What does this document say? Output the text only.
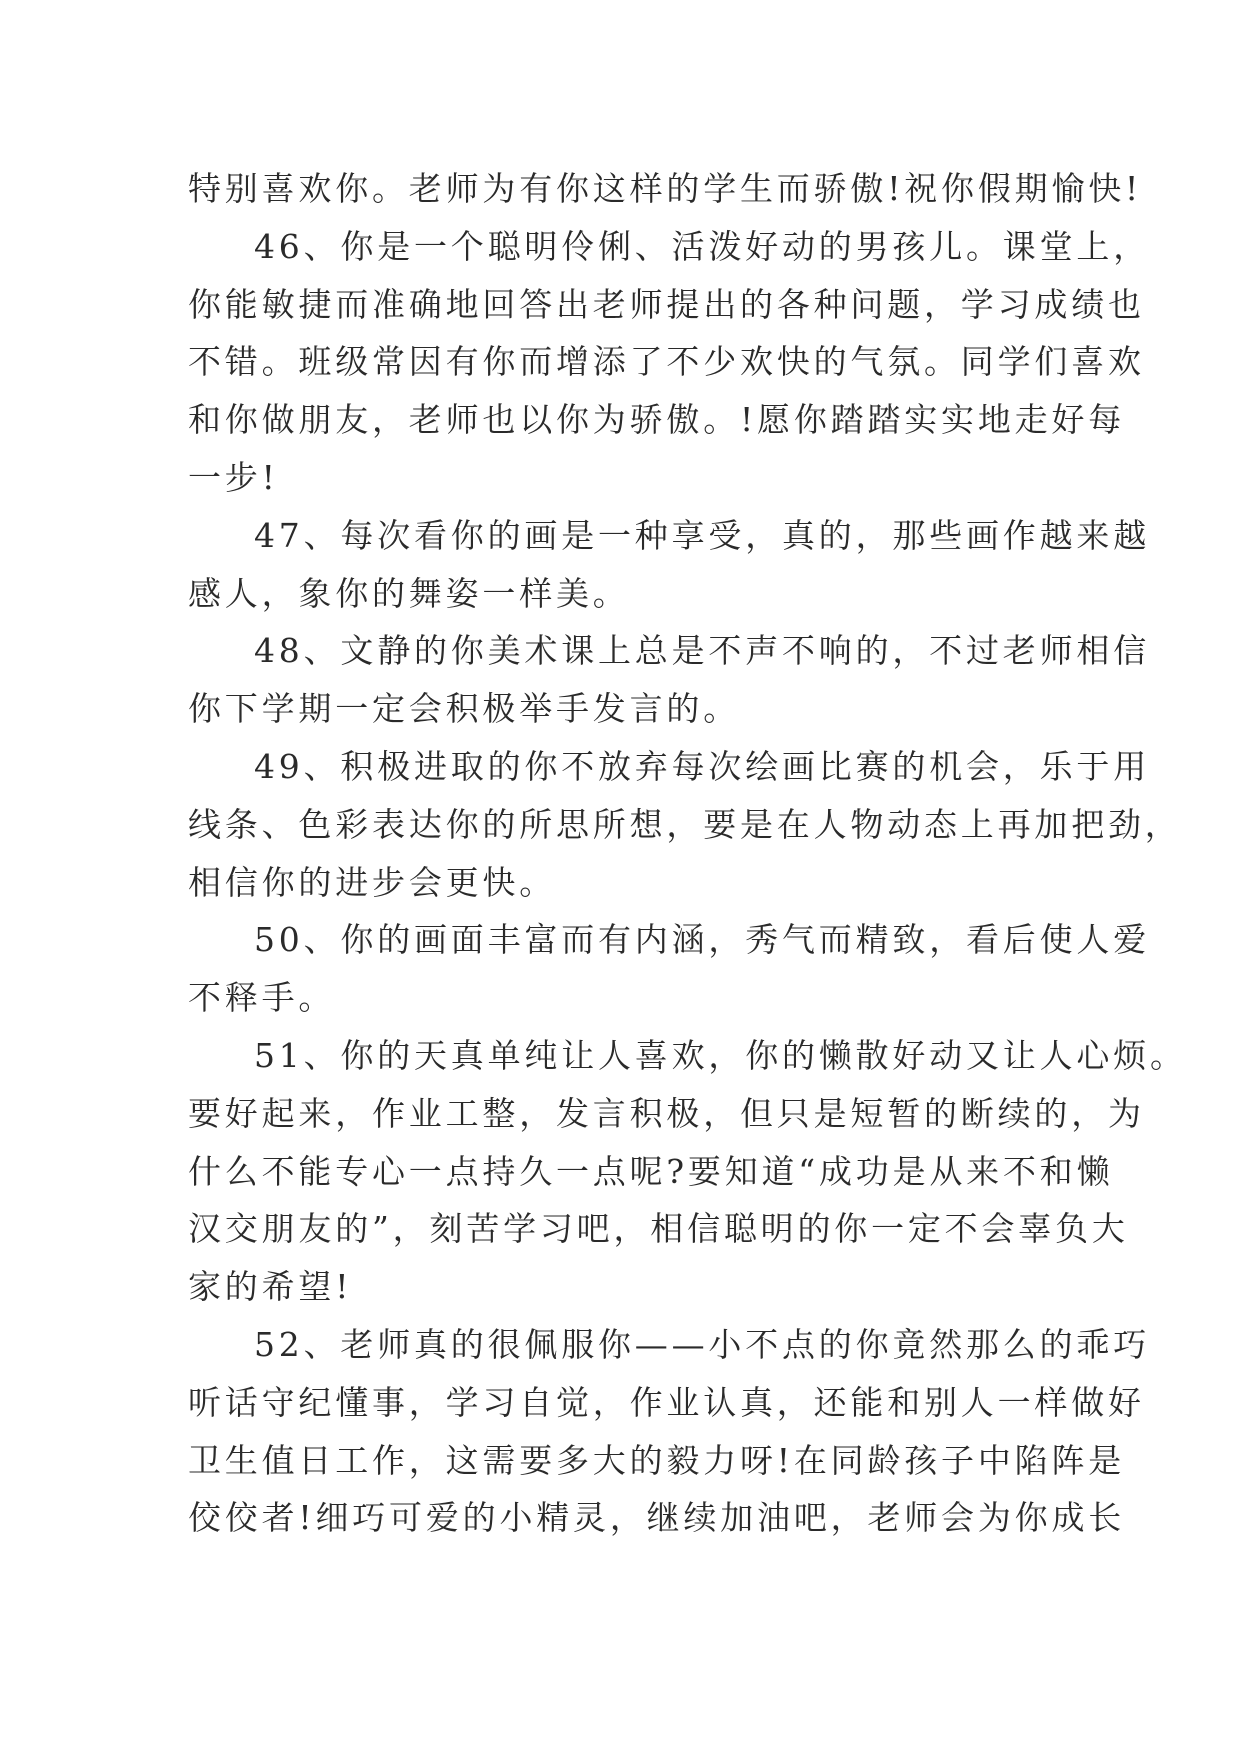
特别喜欢你。老师为有你这样的学生而骄傲!祝你假期愉快!
46、你是一个聪明伶俐、活泼好动的男孩儿。课堂上，
你能敏捷而准确地回答出老师提出的各种问题，学习成绩也
不错。班级常因有你而增添了不少欢快的气氛。同学们喜欢
和你做朋友，老师也以你为骄傲。!愿你踏踏实实地走好每
一步!
47、每次看你的画是一种享受，真的，那些画作越来越
感人，象你的舞姿一样美。
48、文静的你美术课上总是不声不响的，不过老师相信
你下学期一定会积极举手发言的。
49、积极进取的你不放弃每次绘画比赛的机会，乐于用
线条、色彩表达你的所思所想，要是在人物动态上再加把劲，
相信你的进步会更快。
50、你的画面丰富而有内涵，秀气而精致，看后使人爱
不释手。
51、你的天真单纯让人喜欢，你的懒散好动又让人心烦。
要好起来，作业工整，发言积极，但只是短暂的断续的，为
什么不能专心一点持久一点呢?要知道“成功是从来不和懒
汉交朋友的”，刻苦学习吧，相信聪明的你一定不会辜负大
家的希望!
52、老师真的很佩服你——小不点的你竟然那么的乖巧
听话守纪懂事，学习自觉，作业认真，还能和别人一样做好
卫生值日工作，这需要多大的毅力呀!在同龄孩子中陷阵是
佼佼者!细巧可爱的小精灵，继续加油吧，老师会为你成长
